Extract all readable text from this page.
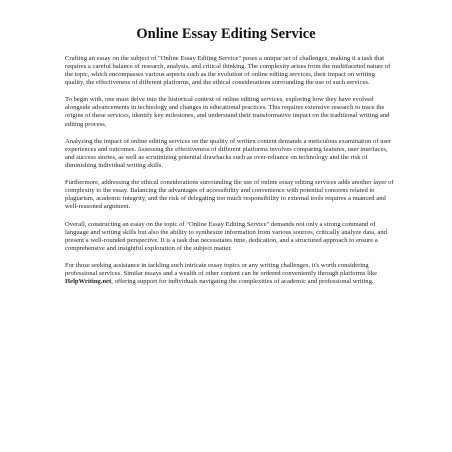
Online Essay Editing Service

Crafting an essay on the subject of "Online Essay Editing Service" poses a unique set of challenges, making it a task that requires a careful balance of research, analysis, and critical thinking. The complexity arises from the multifaceted nature of the topic, which encompasses various aspects such as the evolution of online editing services, their impact on writing quality, the effectiveness of different platforms, and the ethical considerations surrounding the use of such services.

To begin with, one must delve into the historical context of online editing services, exploring how they have evolved alongside advancements in technology and changes in educational practices. This requires extensive research to trace the origins of these services, identify key milestones, and understand their transformative impact on the traditional writing and editing process.

Analyzing the impact of online editing services on the quality of written content demands a meticulous examination of user experiences and outcomes. Assessing the effectiveness of different platforms involves comparing features, user interfaces, and success stories, as well as scrutinizing potential drawbacks such as over-reliance on technology and the risk of diminishing individual writing skills.

Furthermore, addressing the ethical considerations surrounding the use of online essay editing services adds another layer of complexity to the essay. Balancing the advantages of accessibility and convenience with potential concerns related to plagiarism, academic integrity, and the risk of delegating too much responsibility to external tools requires a nuanced and well-reasoned argument.

Overall, constructing an essay on the topic of "Online Essay Editing Service" demands not only a strong command of language and writing skills but also the ability to synthesize information from various sources, critically analyze data, and present a well-rounded perspective. It is a task that necessitates time, dedication, and a structured approach to ensure a comprehensive and insightful exploration of the subject matter.

For those seeking assistance in tackling such intricate essay topics or any writing challenges, it's worth considering professional services. Similar essays and a wealth of other content can be ordered conveniently through platforms like HelpWriting.net, offering support for individuals navigating the complexities of academic and professional writing.
